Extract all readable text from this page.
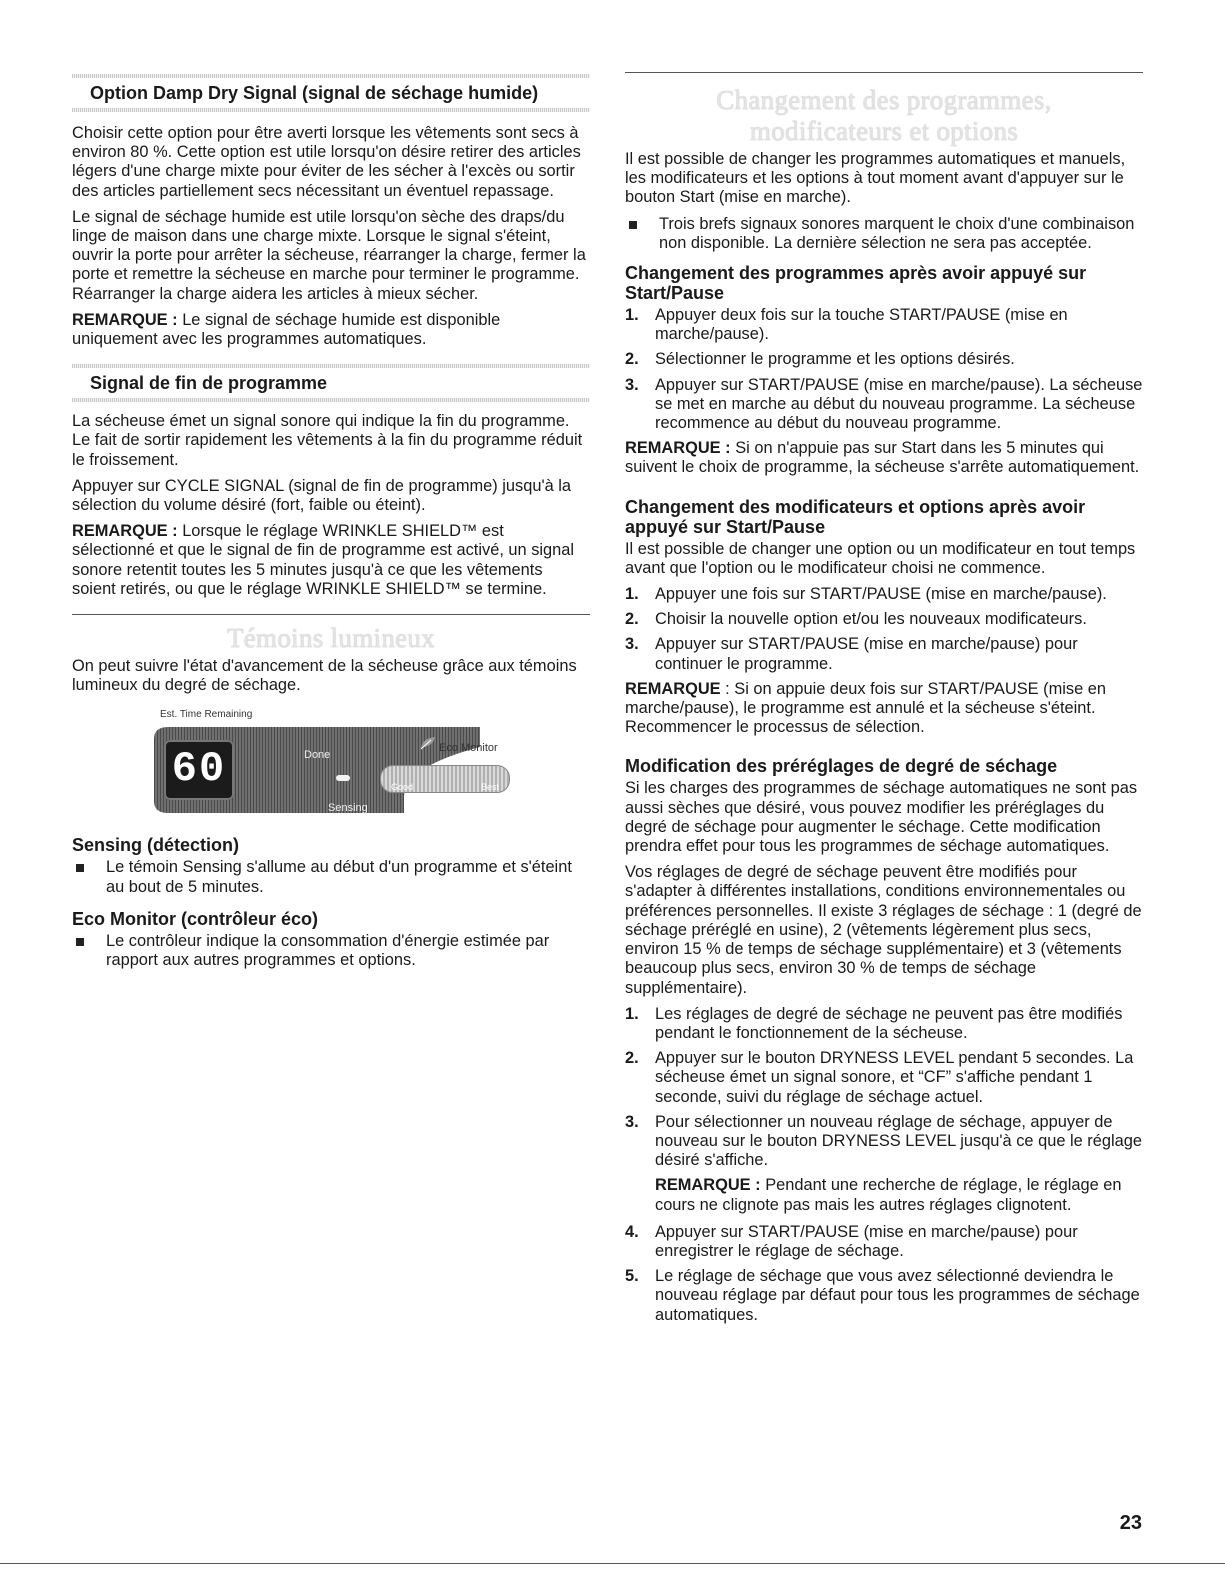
Option Damp Dry Signal (signal de séchage humide)

Choisir cette option pour être averti lorsque les vêtements sont secs à environ 80 %. Cette option est utile lorsqu'on désire retirer des articles légers d'une charge mixte pour éviter de les sécher à l'excès ou sortir des articles partiellement secs nécessitant un éventuel repassage.

Le signal de séchage humide est utile lorsqu'on sèche des draps/du linge de maison dans une charge mixte. Lorsque le signal s'éteint, ouvrir la porte pour arrêter la sécheuse, réarranger la charge, fermer la porte et remettre la sécheuse en marche pour terminer le programme. Réarranger la charge aidera les articles à mieux sécher.

REMARQUE : Le signal de séchage humide est disponible uniquement avec les programmes automatiques.

Signal de fin de programme

La sécheuse émet un signal sonore qui indique la fin du programme. Le fait de sortir rapidement les vêtements à la fin du programme réduit le froissement.

Appuyer sur CYCLE SIGNAL (signal de fin de programme) jusqu'à la sélection du volume désiré (fort, faible ou éteint).

REMARQUE : Lorsque le réglage WRINKLE SHIELD™ est sélectionné et que le signal de fin de programme est activé, un signal sonore retentit toutes les 5 minutes jusqu'à ce que les vêtements soient retirés, ou que le réglage WRINKLE SHIELD™ se termine.

Témoins lumineux

On peut suivre l'état d'avancement de la sécheuse grâce aux témoins lumineux du degré de séchage.

Est. Time Remaining
60	Done
Sensing
Eco Monitor
Good	Best
Sensing (détection)
Le témoin Sensing s'allume au début d'un programme et s'éteint au bout de 5 minutes.
Eco Monitor (contrôleur éco)
Le contrôleur indique la consommation d'énergie estimée par rapport aux autres programmes et options.
Changement des programmes,
modificateurs et options

Il est possible de changer les programmes automatiques et manuels, les modificateurs et les options à tout moment avant d'appuyer sur le bouton Start (mise en marche).

Trois brefs signaux sonores marquent le choix d'une combinaison non disponible. La dernière sélection ne sera pas acceptée.
Changement des programmes après avoir appuyé sur Start/Pause
1. Appuyer deux fois sur la touche START/PAUSE (mise en marche/pause).
2. Sélectionner le programme et les options désirés.
3. Appuyer sur START/PAUSE (mise en marche/pause). La sécheuse se met en marche au début du nouveau programme. La sécheuse recommence au début du nouveau programme.

REMARQUE : Si on n'appuie pas sur Start dans les 5 minutes qui suivent le choix de programme, la sécheuse s'arrête automatiquement.

Changement des modificateurs et options après avoir appuyé sur Start/Pause

Il est possible de changer une option ou un modificateur en tout temps avant que l'option ou le modificateur choisi ne commence.

1. Appuyer une fois sur START/PAUSE (mise en marche/pause).
2. Choisir la nouvelle option et/ou les nouveaux modificateurs.
3. Appuyer sur START/PAUSE (mise en marche/pause) pour continuer le programme.

REMARQUE : Si on appuie deux fois sur START/PAUSE (mise en marche/pause), le programme est annulé et la sécheuse s'éteint. Recommencer le processus de sélection.

Modification des préréglages de degré de séchage

Si les charges des programmes de séchage automatiques ne sont pas aussi sèches que désiré, vous pouvez modifier les préréglages du degré de séchage pour augmenter le séchage. Cette modification prendra effet pour tous les programmes de séchage automatiques.

Vos réglages de degré de séchage peuvent être modifiés pour s'adapter à différentes installations, conditions environnementales ou préférences personnelles. Il existe 3 réglages de séchage : 1 (degré de séchage préréglé en usine), 2 (vêtements légèrement plus secs, environ 15 % de temps de séchage supplémentaire) et 3 (vêtements beaucoup plus secs, environ 30 % de temps de séchage supplémentaire).

1. Les réglages de degré de séchage ne peuvent pas être modifiés pendant le fonctionnement de la sécheuse.
2. Appuyer sur le bouton DRYNESS LEVEL pendant 5 secondes. La sécheuse émet un signal sonore, et “CF” s'affiche pendant 1 seconde, suivi du réglage de séchage actuel.
3. Pour sélectionner un nouveau réglage de séchage, appuyer de nouveau sur le bouton DRYNESS LEVEL jusqu'à ce que le réglage désiré s'affiche.

REMARQUE : Pendant une recherche de réglage, le réglage en cours ne clignote pas mais les autres réglages clignotent.

4. Appuyer sur START/PAUSE (mise en marche/pause) pour enregistrer le réglage de séchage.
5. Le réglage de séchage que vous avez sélectionné deviendra le nouveau réglage par défaut pour tous les programmes de séchage automatiques.
23
